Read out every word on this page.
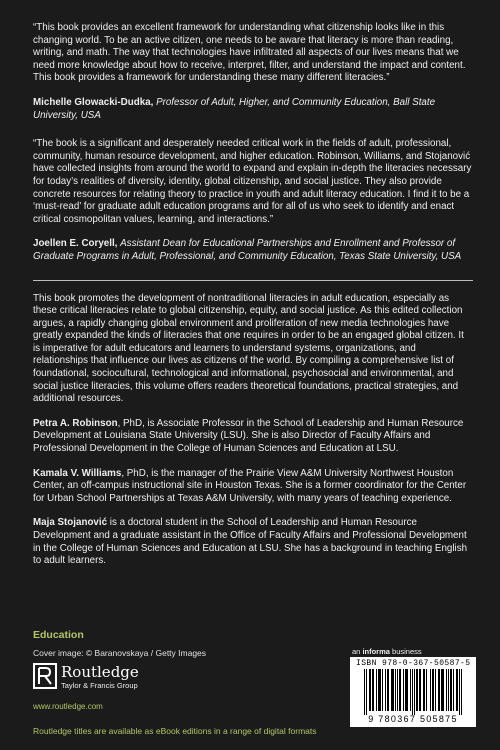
“This book provides an excellent framework for understanding what citizenship looks like in this changing world. To be an active citizen, one needs to be aware that literacy is more than reading, writing, and math. The way that technologies have infiltrated all aspects of our lives means that we need more knowledge about how to receive, interpret, filter, and understand the impact and content. This book provides a framework for understanding these many different literacies.”

Michelle Glowacki-Dudka, Professor of Adult, Higher, and Community Education, Ball State University, USA

“The book is a significant and desperately needed critical work in the fields of adult, professional, community, human resource development, and higher education. Robinson, Williams, and Stojanović have collected insights from around the world to expand and explain in-depth the literacies necessary for today’s realities of diversity, identity, global citizenship, and social justice. They also provide concrete resources for relating theory to practice in youth and adult literacy education. I find it to be a ‘must-read’ for graduate adult education programs and for all of us who seek to identify and enact critical cosmopolitan values, learning, and interactions.”

Joellen E. Coryell, Assistant Dean for Educational Partnerships and Enrollment and Professor of Graduate Programs in Adult, Professional, and Community Education, Texas State University, USA

This book promotes the development of nontraditional literacies in adult education, especially as these critical literacies relate to global citizenship, equity, and social justice. As this edited collection argues, a rapidly changing global environment and proliferation of new media technologies have greatly expanded the kinds of literacies that one requires in order to be an engaged global citizen. It is imperative for adult educators and learners to understand systems, organizations, and relationships that influence our lives as citizens of the world. By compiling a comprehensive list of foundational, sociocultural, technological and informational, psychosocial and environmental, and social justice literacies, this volume offers readers theoretical foundations, practical strategies, and additional resources.

Petra A. Robinson, PhD, is Associate Professor in the School of Leadership and Human Resource Development at Louisiana State University (LSU). She is also Director of Faculty Affairs and Professional Development in the College of Human Sciences and Education at LSU.

Kamala V. Williams, PhD, is the manager of the Prairie View A&M University Northwest Houston Center, an off-campus instructional site in Houston Texas. She is a former coordinator for the Center for Urban School Partnerships at Texas A&M University, with many years of teaching experience.

Maja Stojanović is a doctoral student in the School of Leadership and Human Resource Development and a graduate assistant in the Office of Faculty Affairs and Professional Development in the College of Human Sciences and Education at LSU. She has a background in teaching English to adult learners.

Education
Cover image: © Baranovskaya / Getty Images
Routledge
Taylor & Francis Group
www.routledge.com
an informa business
ISBN 978-0-367-50587-5
9 780367 505875
Routledge titles are available as eBook editions in a range of digital formats
